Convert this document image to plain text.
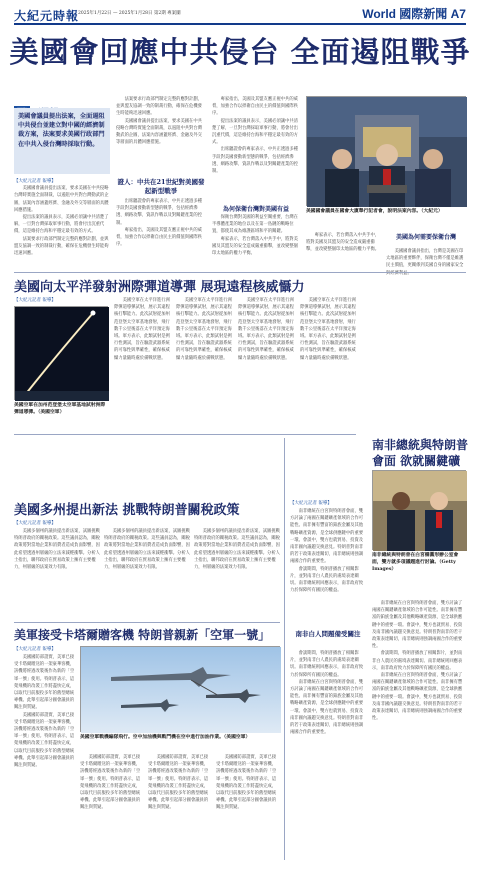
大紀元時報
2025年1月22日 — 2025年1月28日 第2期 專案團	World 國際新聞 A7
美國會回應中共侵台 全面遏阻戰爭
美國會議員提出法案，全面遏阻中共侵台並建立對中國的經濟制裁方案，法案要求美國行政部門在中共入侵台灣時採取行動。
【大紀元記者 報導】

美國國會議員提出法案，要求美國在中共侵略台灣時實施全面制裁，以遏阻中共對台灣動武的企圖，法案內容涵蓋經濟、金融及外交等層面的具體回應措施。

提出法案的議員表示，美國必須讓中共清楚了解，一旦對台灣採取軍事行動，將會付出沉重代價，這是維持台海和平穩定最有效的方式。

法案要求行政部門制定完整的應對計劃，並與盟友協調一致的制裁行動，確保在危機發生時能夠迅速回應。

法案要求行政部門制定完整的應對計劃，並與盟友協調一致的制裁行動，確保在危機發生時能夠迅速回應。

美國國會議員提出法案，要求美國在中共侵略台灣時實施全面制裁，以遏阻中共對台灣動武的企圖，法案內容涵蓋經濟、金融及外交等層面的具體回應措施。

證人：中共在21世紀對美國發起新型戰爭

出席聽證會的專家表示，中共正透過多種手段對美國發動新型態的戰爭，包括經濟滲透、網路攻擊、資訊作戰以及對關鍵產業的控制。

專家指出，美國及其盟友應正視中共的威脅，加強合作以捍衛自由民主的價值與國際秩序。

專家指出，美國及其盟友應正視中共的威脅，加強合作以捍衛自由民主的價值與國際秩序。

提出法案的議員表示，美國必須讓中共清楚了解，一旦對台灣採取軍事行動，將會付出沉重代價，這是維持台海和平穩定最有效的方式。

出席聽證會的專家表示，中共正透過多種手段對美國發動新型態的戰爭，包括經濟滲透、網路攻擊、資訊作戰以及對關鍵產業的控制。

為何保衛台灣對美國有益

保衛台灣對美國的利益至關重要，台灣在半導體產業的地位以及在第一島鏈的戰略位置，都使其成為維護區域和平的關鍵。

專家表示，若台灣落入中共手中，將對美國及其盟友的安全造成嚴重衝擊，並改變整個印太地區的權力平衡。

美國國會議員在國會大廈舉行記者會，說明法案內容。（大紀元）
美國為何需要保衛台灣

專家表示，若台灣落入中共手中，將對美國及其盟友的安全造成嚴重衝擊，並改變整個印太地區的權力平衡。	美國國會議員指出，台灣是美國在印太地區的重要夥伴，保衛台灣不僅是維護民主價值，更關係到美國自身的國家安全與經濟利益。

美國向太平洋發射洲際彈道導彈 展現遠程核威懾力
【大紀元記者 報導】
美國空軍在加州范登堡太空軍基地試射洲際彈道導彈。（美國空軍）

美國空軍在太平洋進行洲際彈道導彈試射，展示其遠程核打擊能力。此次試射從加州范登堡太空軍基地發射，飛行數千公里後落在太平洋預定海域。軍方表示，此類試射是例行性測試，旨在驗證武器系統的可靠性與準確性，確保核威懾力量隨時處於備戰狀態。

美國空軍在太平洋進行洲際彈道導彈試射，展示其遠程核打擊能力。此次試射從加州范登堡太空軍基地發射，飛行數千公里後落在太平洋預定海域。軍方表示，此類試射是例行性測試，旨在驗證武器系統的可靠性與準確性，確保核威懾力量隨時處於備戰狀態。

美國空軍在太平洋進行洲際彈道導彈試射，展示其遠程核打擊能力。此次試射從加州范登堡太空軍基地發射，飛行數千公里後落在太平洋預定海域。軍方表示，此類試射是例行性測試，旨在驗證武器系統的可靠性與準確性，確保核威懾力量隨時處於備戰狀態。

美國空軍在太平洋進行洲際彈道導彈試射，展示其遠程核打擊能力。此次試射從加州范登堡太空軍基地發射，飛行數千公里後落在太平洋預定海域。軍方表示，此類試射是例行性測試，旨在驗證武器系統的可靠性與準確性，確保核威懾力量隨時處於備戰狀態。

南非總統與特朗普會面 欲就關鍵礦
南非總統與特朗普在白宮橢圓形辦公室會面，雙方就多項議題進行討論。（Getty Images）

南非總統在白宮與特朗普會面，雙方討論了兩國在關鍵礦產領域的合作可能性。南非擁有豐富的鉑族金屬及其他戰略礦產資源，是全球供應鏈中的重要一環。會談中，雙方也就貿易、投資及南非國內議題交換意見。特朗普對南非的若干政策表達關切，南非總統則強調兩國合作的重要性。

會談期間，特朗普播放了相關影片，並對南非白人農民的處境表達關切。南非總統則回應表示，南非政府致力於保障所有國民的權益。

南非總統在白宮與特朗普會面，雙方討論了兩國在關鍵礦產領域的合作可能性。南非擁有豐富的鉑族金屬及其他戰略礦產資源，是全球供應鏈中的重要一環。會談中，雙方也就貿易、投資及南非國內議題交換意見。特朗普對南非的若干政策表達關切，南非總統則強調兩國合作的重要性。

【大紀元記者 報導】

南非總統在白宮與特朗普會面，雙方討論了兩國在關鍵礦產領域的合作可能性。南非擁有豐富的鉑族金屬及其他戰略礦產資源，是全球供應鏈中的重要一環。會談中，雙方也就貿易、投資及南非國內議題交換意見。特朗普對南非的若干政策表達關切，南非總統則強調兩國合作的重要性。

會談期間，特朗普播放了相關影片，並對南非白人農民的處境表達關切。南非總統則回應表示，南非政府致力於保障所有國民的權益。

南非白人問題備受關注

會談期間，特朗普播放了相關影片，並對南非白人農民的處境表達關切。南非總統則回應表示，南非政府致力於保障所有國民的權益。

南非總統在白宮與特朗普會面，雙方討論了兩國在關鍵礦產領域的合作可能性。南非擁有豐富的鉑族金屬及其他戰略礦產資源，是全球供應鏈中的重要一環。會談中，雙方也就貿易、投資及南非國內議題交換意見。特朗普對南非的若干政策表達關切，南非總統則強調兩國合作的重要性。

美國多州提出新法 挑戰特朗普關稅政策
【大紀元記者 報導】

美國多個州的議員提出新法案，試圖挑戰特朗普政府的關稅政策。這些議員認為，關稅政策將對當地企業和消費者造成負面影響，因此希望透過州層級的立法來減輕衝擊。分析人士指出，聯邦政府在貿易政策上擁有主要權力，州層級的法案效力有限。

美國多個州的議員提出新法案，試圖挑戰特朗普政府的關稅政策。這些議員認為，關稅政策將對當地企業和消費者造成負面影響，因此希望透過州層級的立法來減輕衝擊。分析人士指出，聯邦政府在貿易政策上擁有主要權力，州層級的法案效力有限。

美國多個州的議員提出新法案，試圖挑戰特朗普政府的關稅政策。這些議員認為，關稅政策將對當地企業和消費者造成負面影響，因此希望透過州層級的立法來減輕衝擊。分析人士指出，聯邦政府在貿易政策上擁有主要權力，州層級的法案效力有限。

美軍接受卡塔爾贈客機 特朗普親新「空軍一號」
【大紀元記者 報導】

美國國防部證實，美軍已接受卡塔爾贈送的一架豪華客機，該機將經過改裝後作為新的「空軍一號」使用。特朗普表示，這架飛機的改裝工作將盡快完成，以取代目前服役多年的舊型總統專機。此舉引起部分國會議員的關注與質疑。

美國國防部證實，美軍已接受卡塔爾贈送的一架豪華客機，該機將經過改裝後作為新的「空軍一號」使用。特朗普表示，這架飛機的改裝工作將盡快完成，以取代目前服役多年的舊型總統專機。此舉引起部分國會議員的關注與質疑。

美國空軍戰機編隊飛行。空中加油機與戰鬥機在空中進行加油作業。（美國空軍）

美國國防部證實，美軍已接受卡塔爾贈送的一架豪華客機，該機將經過改裝後作為新的「空軍一號」使用。特朗普表示，這架飛機的改裝工作將盡快完成，以取代目前服役多年的舊型總統專機。此舉引起部分國會議員的關注與質疑。

美國國防部證實，美軍已接受卡塔爾贈送的一架豪華客機，該機將經過改裝後作為新的「空軍一號」使用。特朗普表示，這架飛機的改裝工作將盡快完成，以取代目前服役多年的舊型總統專機。此舉引起部分國會議員的關注與質疑。

美國國防部證實，美軍已接受卡塔爾贈送的一架豪華客機，該機將經過改裝後作為新的「空軍一號」使用。特朗普表示，這架飛機的改裝工作將盡快完成，以取代目前服役多年的舊型總統專機。此舉引起部分國會議員的關注與質疑。
